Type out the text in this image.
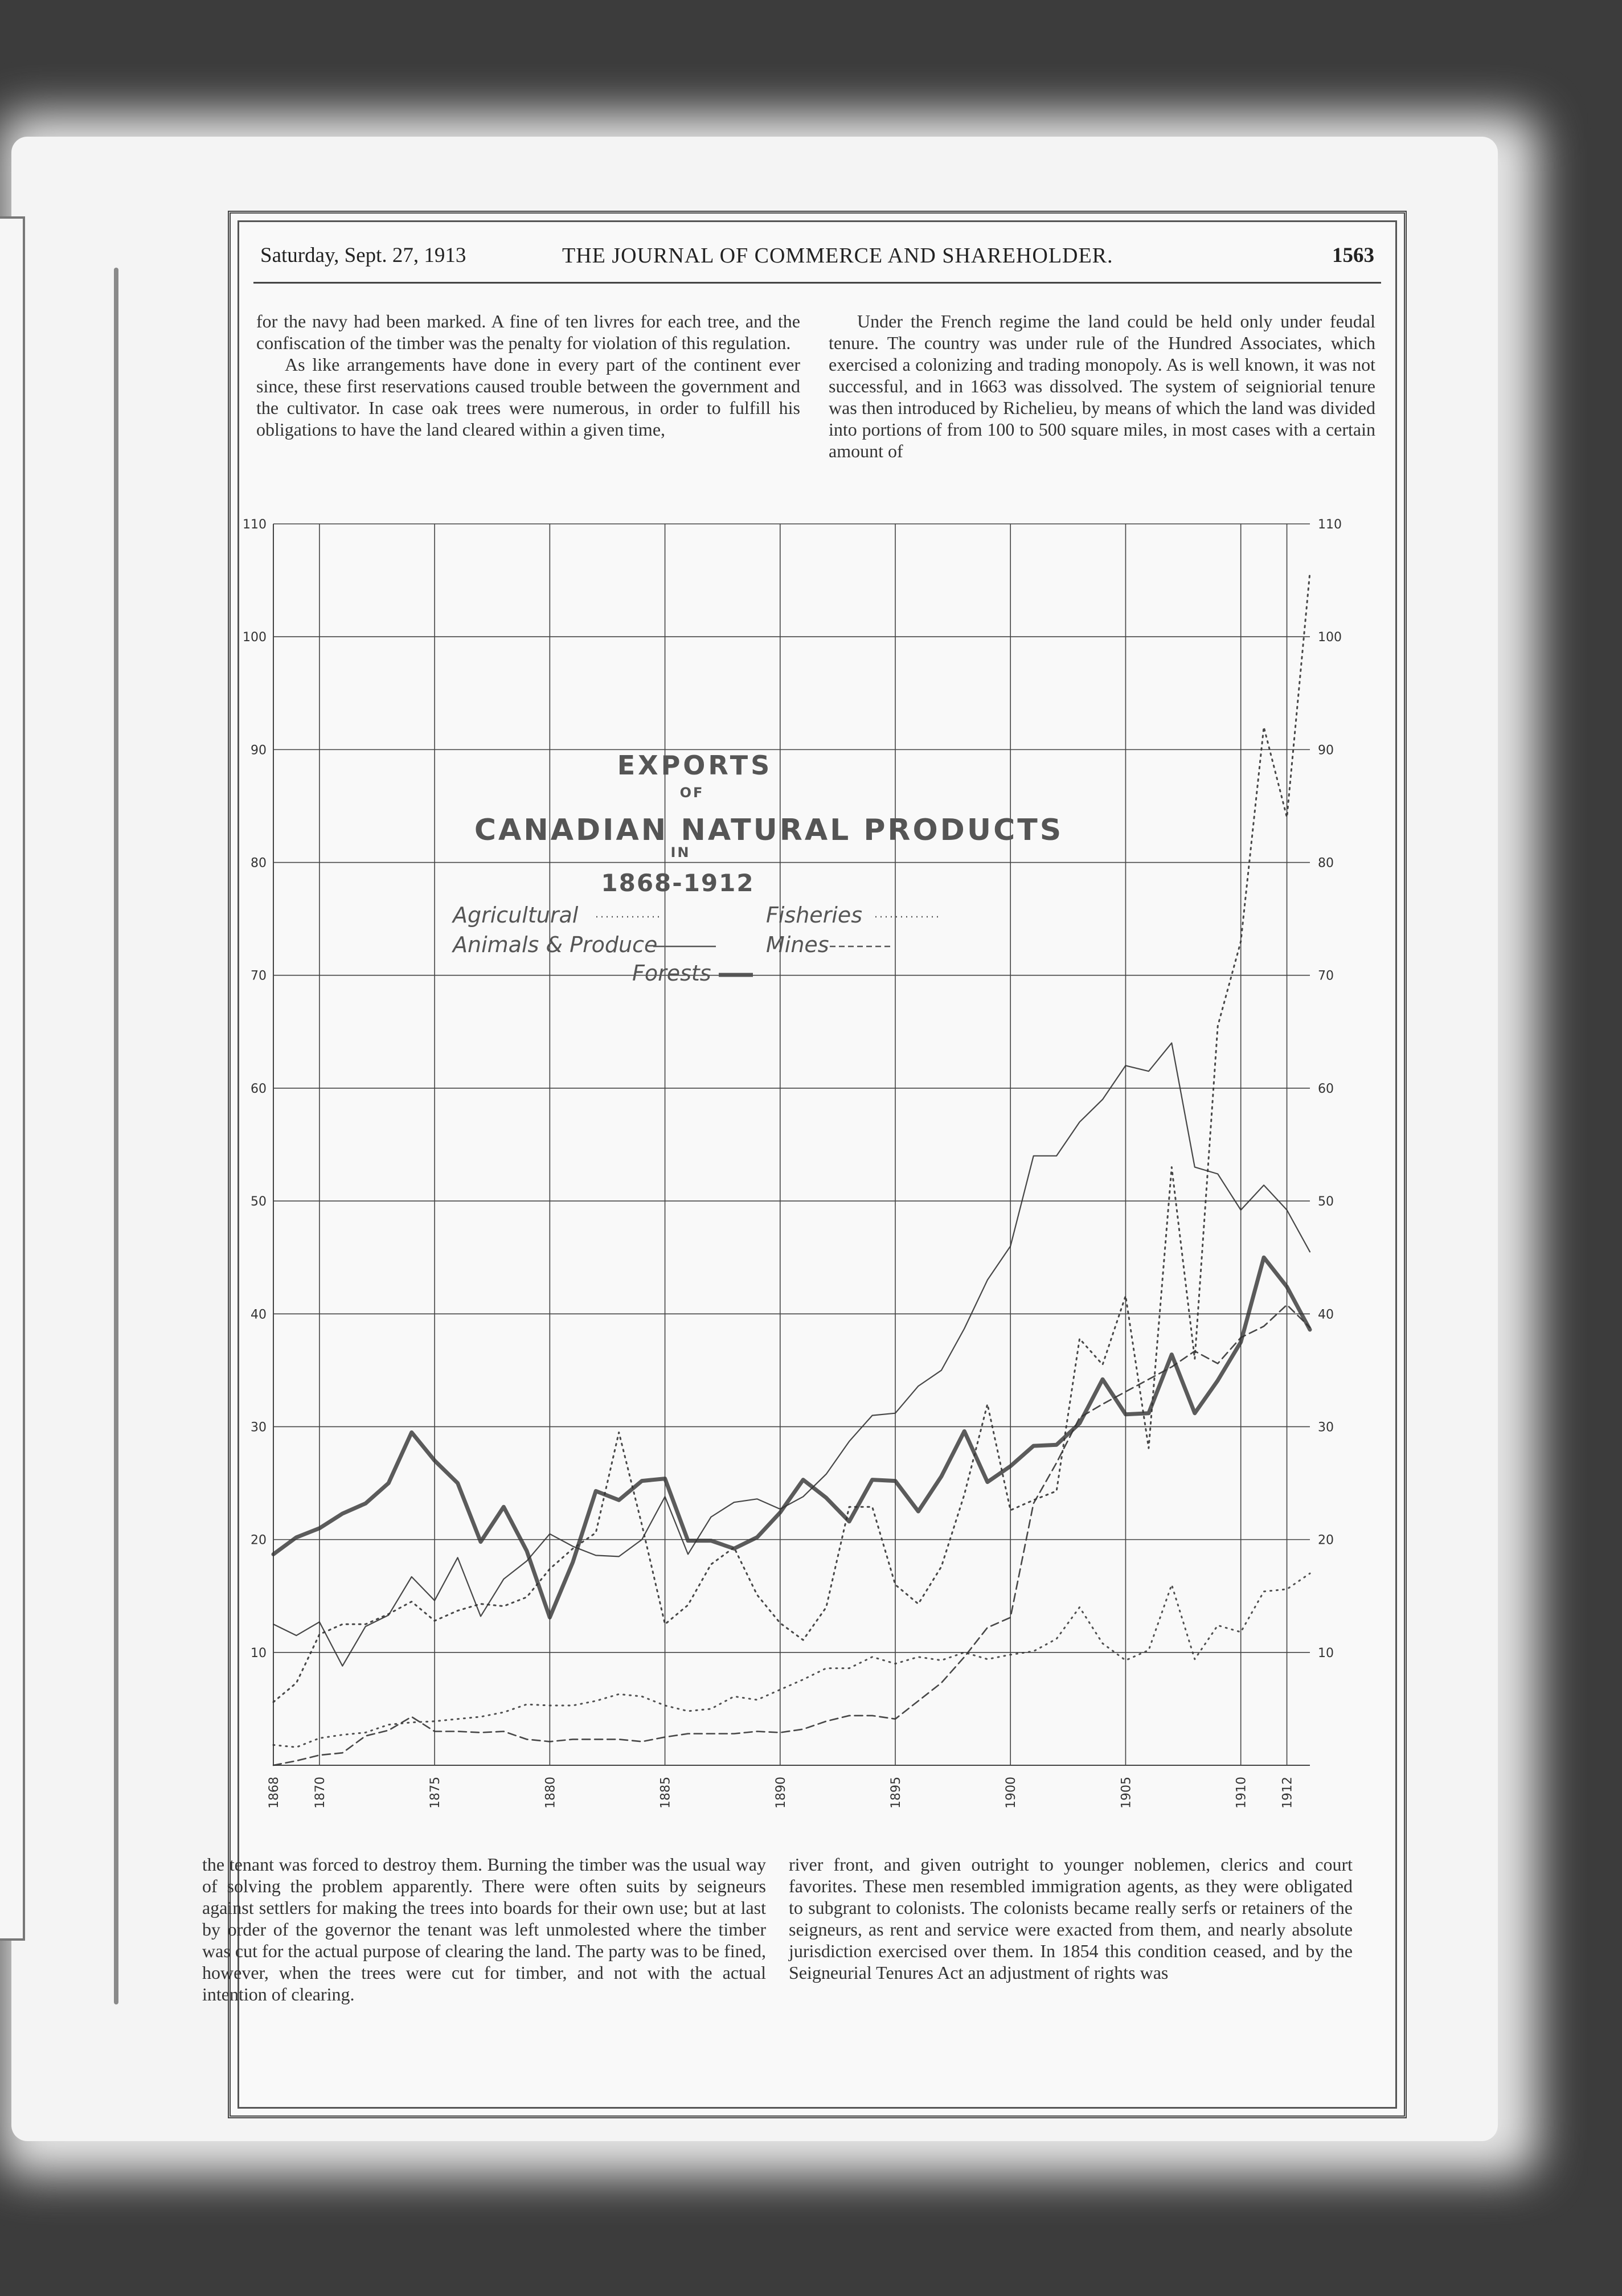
Saturday, Sept. 27, 1913	THE JOURNAL OF COMMERCE AND SHAREHOLDER.	1563

for the navy had been marked. A fine of ten livres for each tree, and the confiscation of the timber was the penalty for violation of this regulation.

As like arrangements have done in every part of the continent ever since, these first reservations caused trouble between the government and the cultivator. In case oak trees were numerous, in order to fulfill his obligations to have the land cleared within a given time,

Under the French regime the land could be held only under feudal tenure. The country was under rule of the Hundred Associates, which exercised a colonizing and trading monopoly. As is well known, it was not successful, and in 1663 was dissolved. The system of seigniorial tenure was then introduced by Richelieu, by means of which the land was divided into portions of from 100 to 500 square miles, in most cases with a certain amount of

the tenant was forced to destroy them. Burning the timber was the usual way of solving the problem apparently. There were often suits by seigneurs against settlers for making the trees into boards for their own use; but at last by order of the governor the tenant was left unmolested where the timber was cut for the actual purpose of clearing the land. The party was to be fined, however, when the trees were cut for timber, and not with the actual intention of clearing.

river front, and given outright to younger noblemen, clerics and court favorites. These men resembled immigration agents, as they were obligated to subgrant to colonists. The colonists became really serfs or retainers of the seigneurs, as rent and service were exacted from them, and nearly absolute jurisdiction exercised over them. In 1854 this condition ceased, and by the Seigneurial Tenures Act an adjustment of rights was

10
20
30
40
50
60
70
80
90
100
110
10
20
30
40
50
60
70
80
90
100
110
1868	1870	1875	1880	1885	1890	1895	1900	1905	1910	1912
EXPORTS
OF
CANADIAN NATURAL PRODUCTS
IN
1868-1912
Agricultural	Fisheries
Animals & Produce	Mines
Forests
